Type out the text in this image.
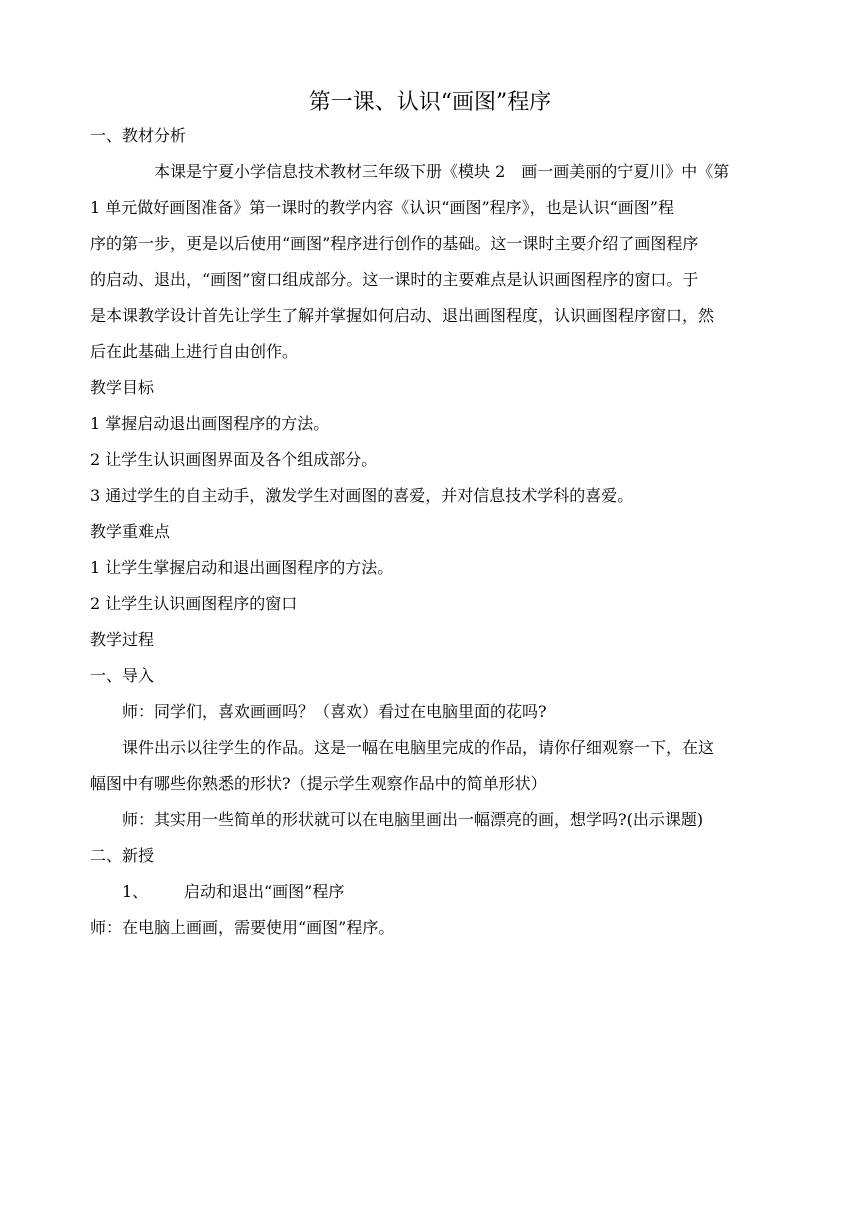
第一课、认识“画图”程序
一、教材分析
本课是宁夏小学信息技术教材三年级下册《模块 2　画一画美丽的宁夏川》中《第
1 单元做好画图准备》第一课时的教学内容《认识“画图”程序》，也是认识“画图”程
序的第一步，更是以后使用“画图”程序进行创作的基础。这一课时主要介绍了画图程序
的启动、退出，“画图”窗口组成部分。这一课时的主要难点是认识画图程序的窗口。于
是本课教学设计首先让学生了解并掌握如何启动、退出画图程度，认识画图程序窗口，然
后在此基础上进行自由创作。
教学目标
1 掌握启动退出画图程序的方法。
2 让学生认识画图界面及各个组成部分。
3 通过学生的自主动手，激发学生对画图的喜爱，并对信息技术学科的喜爱。
教学重难点
1 让学生掌握启动和退出画图程序的方法。
2 让学生认识画图程序的窗口
教学过程
一、导入
师：同学们，喜欢画画吗？（喜欢）看过在电脑里面的花吗?
课件出示以往学生的作品。这是一幅在电脑里完成的作品，请你仔细观察一下，在这
幅图中有哪些你熟悉的形状?（提示学生观察作品中的简单形状）
师：其实用一些简单的形状就可以在电脑里画出一幅漂亮的画，想学吗?(出示课题)
二、新授
1、 启动和退出“画图”程序
师：在电脑上画画，需要使用“画图”程序。
